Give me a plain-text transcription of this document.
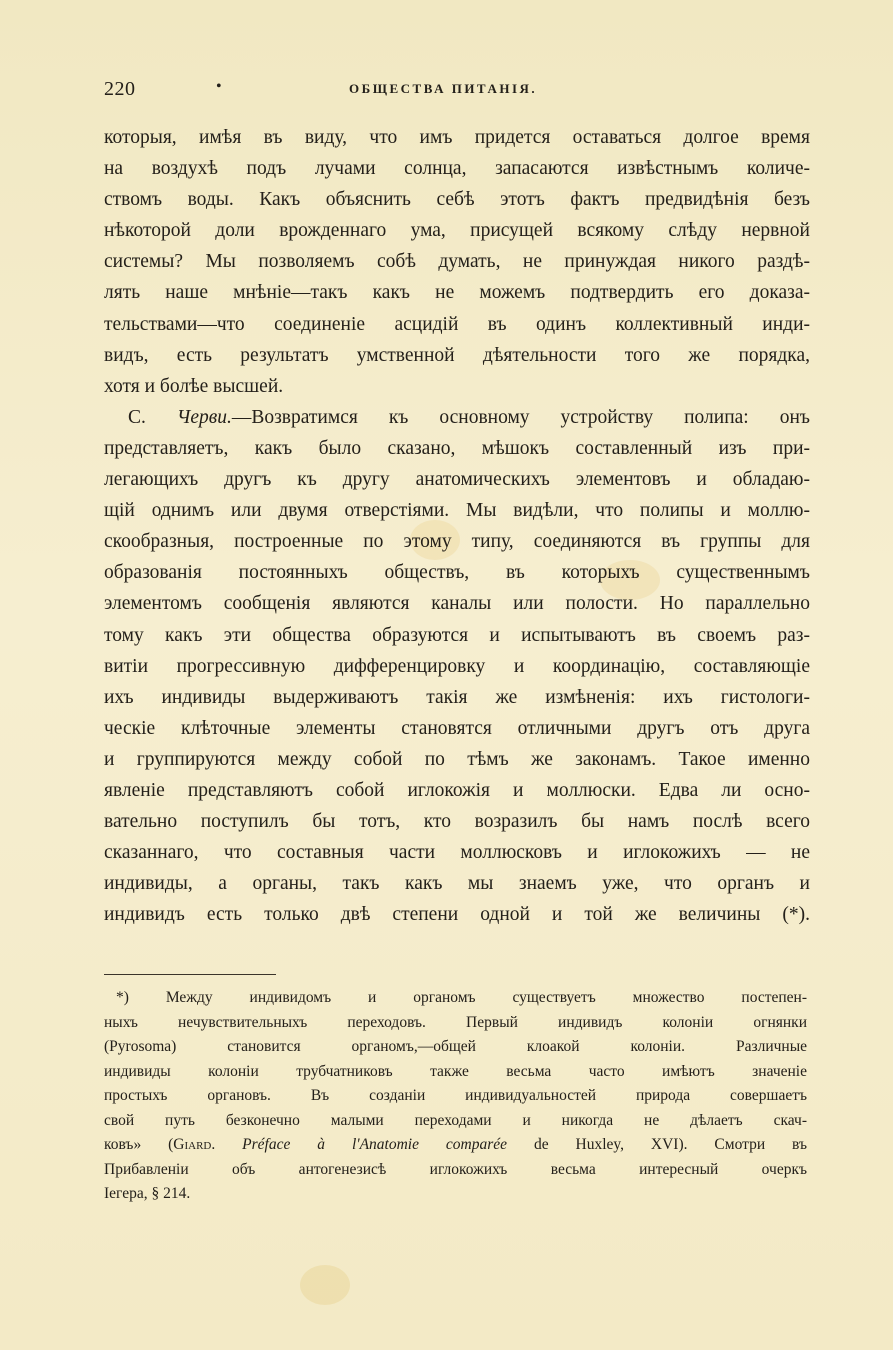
220	•	ОБЩЕСТВА ПИТАНІЯ.
которыя, имѣя въ виду, что имъ придется оставаться долгое время
на воздухѣ подъ лучами солнца, запасаются извѣстнымъ количе-
ствомъ воды. Какъ объяснить себѣ этотъ фактъ предвидѣнія безъ
нѣкоторой доли врожденнаго ума, присущей всякому слѣду нервной
системы? Мы позволяемъ собѣ думать, не принуждая никого раздѣ-
лять наше мнѣніе—такъ какъ не можемъ подтвердить его доказа-
тельствами—что соединеніе асцидій въ одинъ коллективный инди-
видъ, есть результатъ умственной дѣятельности того же порядка,
хотя и болѣе высшей.
С. Черви.—Возвратимся къ основному устройству полипа: онъ
представляетъ, какъ было сказано, мѣшокъ составленный изъ при-
легающихъ другъ къ другу анатомическихъ элементовъ и обладаю-
щій однимъ или двумя отверстіями. Мы видѣли, что полипы и моллю-
скообразныя, построенные по этому типу, соединяются въ группы для
образованія постоянныхъ обществъ, въ которыхъ существеннымъ
элементомъ сообщенія являются каналы или полости. Но параллельно
тому какъ эти общества образуются и испытываютъ въ своемъ раз-
витіи прогрессивную дифференцировку и координацію, составляющіе
ихъ индивиды выдерживаютъ такія же измѣненія: ихъ гистологи-
ческіе клѣточные элементы становятся отличными другъ отъ друга
и группируются между собой по тѣмъ же законамъ. Такое именно
явленіе представляютъ собой иглокожія и моллюски. Едва ли осно-
вательно поступилъ бы тотъ, кто возразилъ бы намъ послѣ всего
сказаннаго, что составныя части моллюсковъ и иглокожихъ — не
индивиды, а органы, такъ какъ мы знаемъ уже, что органъ и
индивидъ есть только двѣ степени одной и той же величины (*).
*) Между индивидомъ и органомъ существуетъ множество постепен-
ныхъ нечувствительныхъ переходовъ. Первый индивидъ колоніи огнянки
(Pyrosoma) становится органомъ,—общей клоакой колоніи. Различные
индивиды колоніи трубчатниковъ также весьма часто имѣютъ значеніе
простыхъ органовъ. Въ созданіи индивидуальностей природа совершаетъ
свой путь безконечно малыми переходами и никогда не дѣлаетъ скач-
ковъ» (Giard. Préface à l'Anatomie comparée de Huxley, XVI). Смотри въ
Прибавленіи объ антогенезисѣ иглокожихъ весьма интересный очеркъ
Іегера, § 214.
